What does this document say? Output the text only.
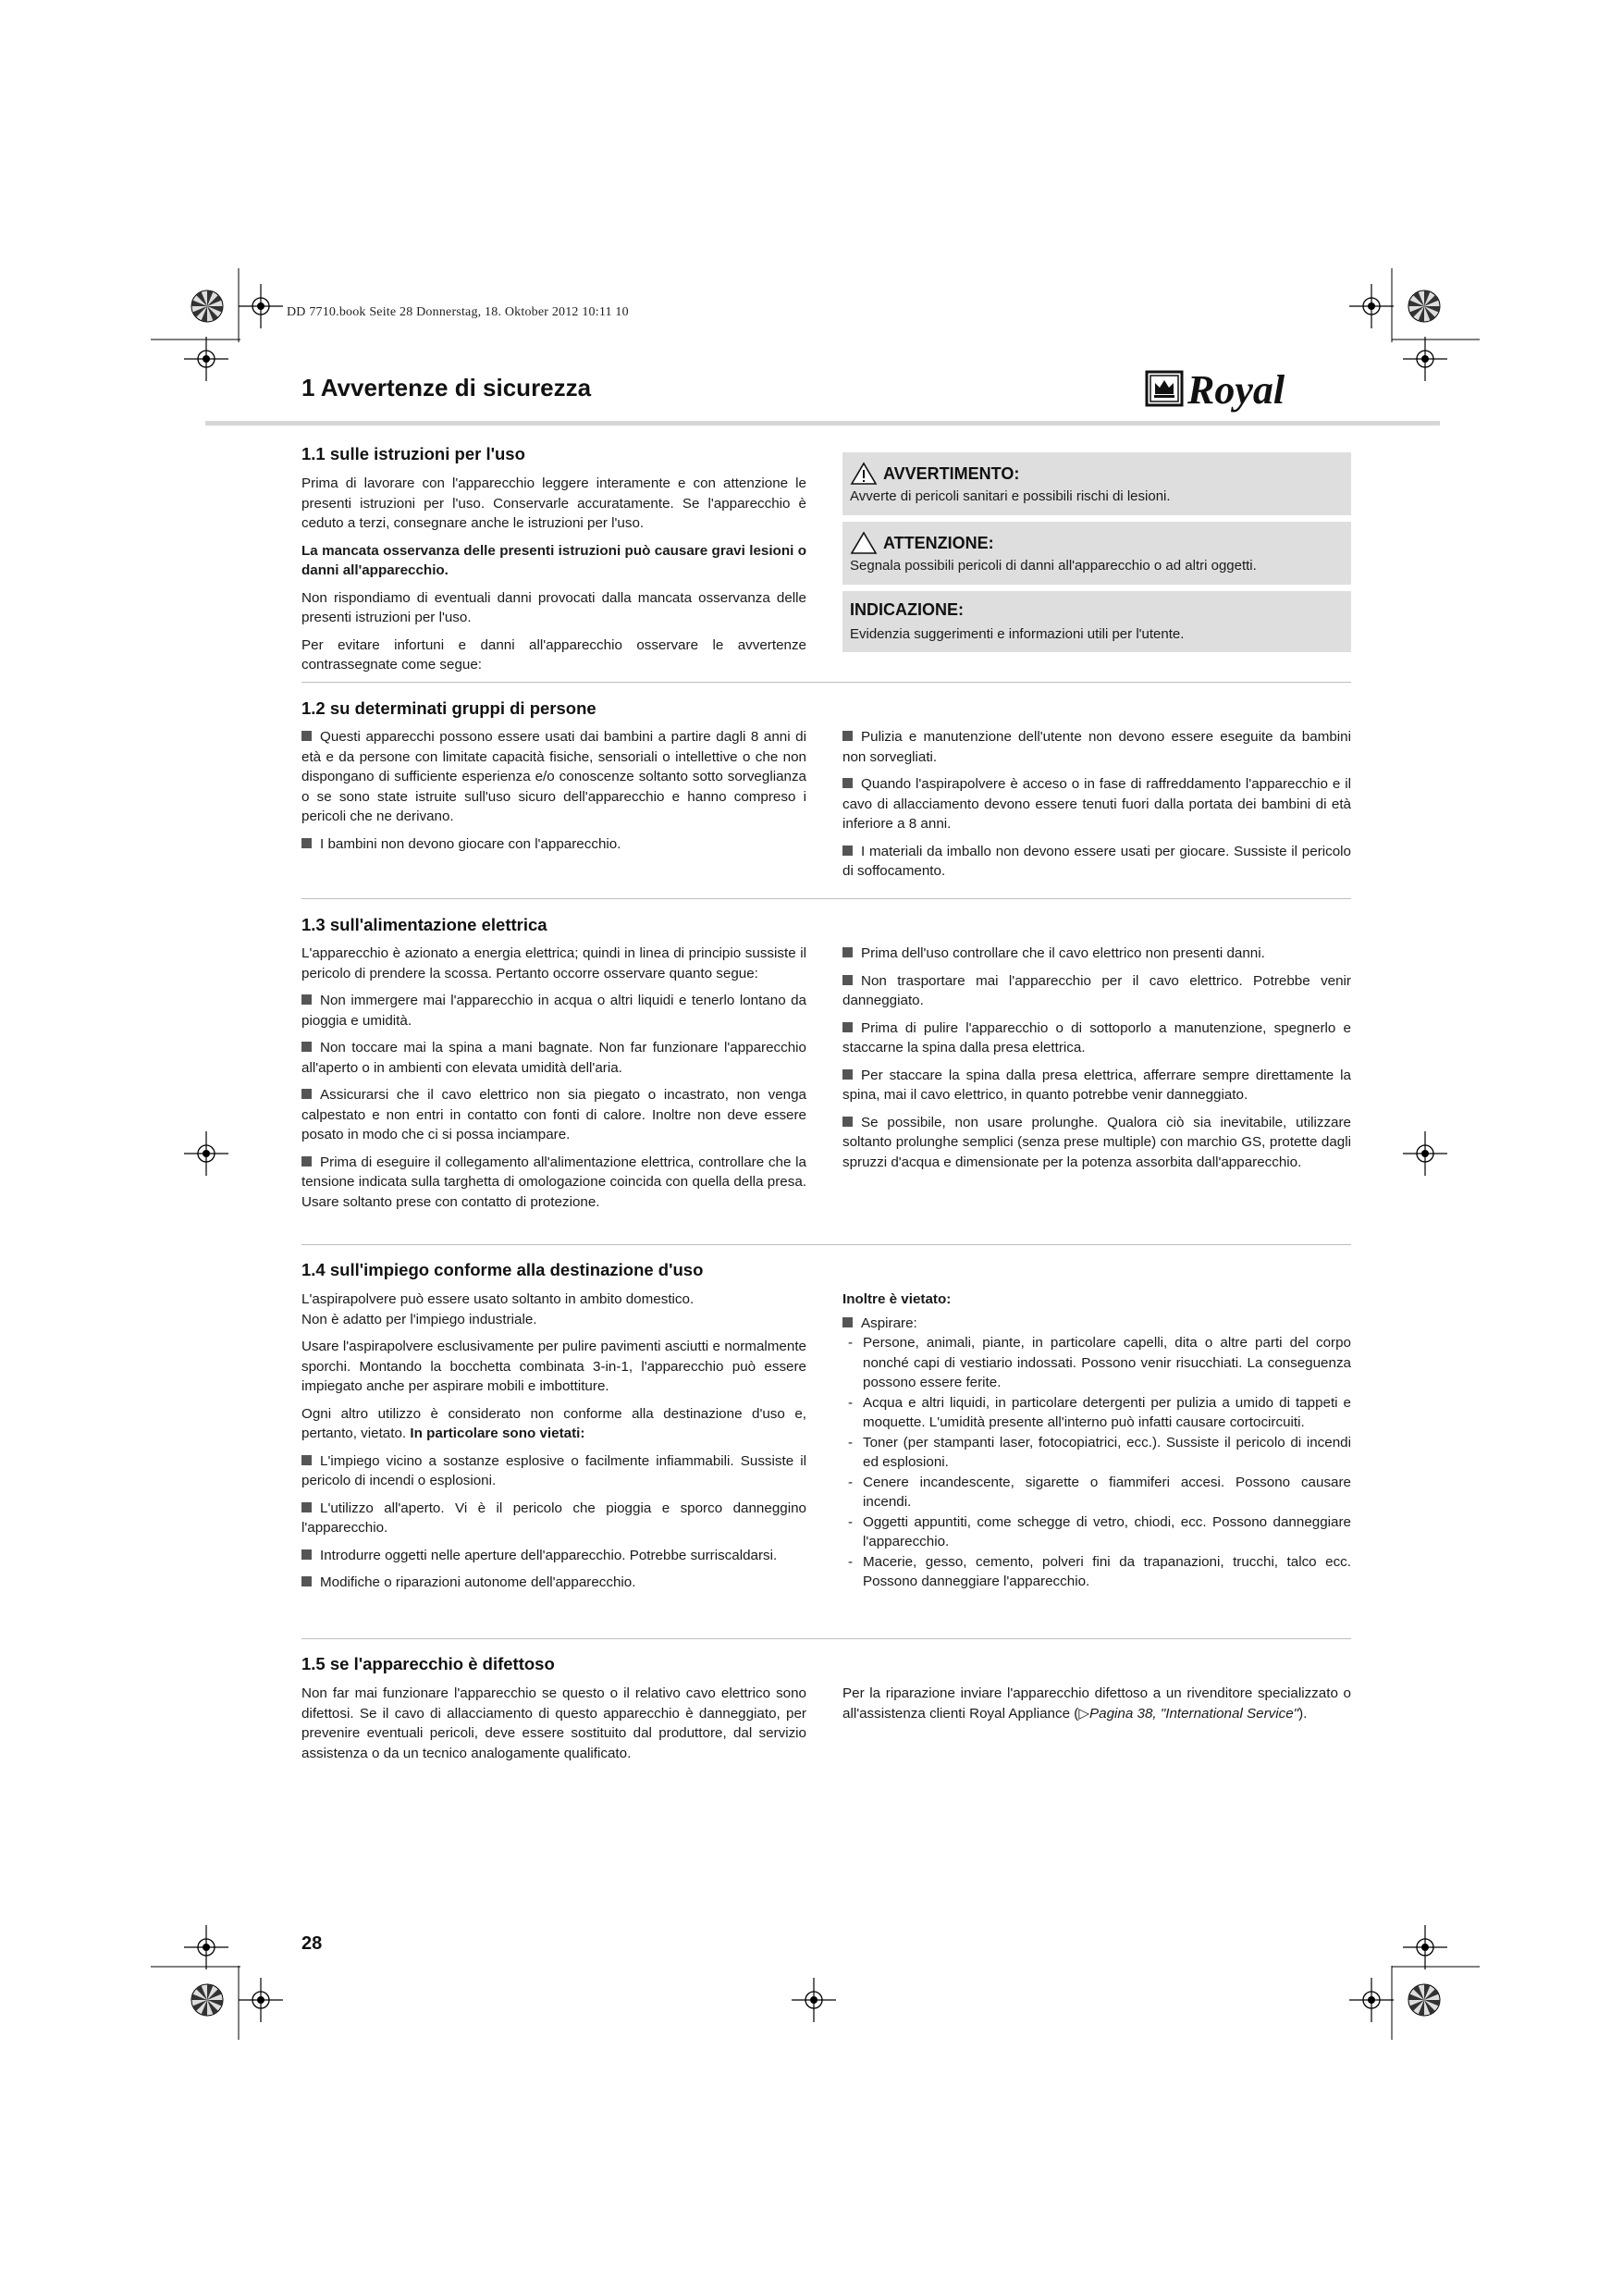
DD 7710.book Seite 28 Donnerstag, 18. Oktober 2012 10:11 10
1 Avvertenze di sicurezza	Royal
1.1 sulle istruzioni per l'uso

Prima di lavorare con l'apparecchio leggere interamente e con attenzione le presenti istruzioni per l'uso. Conservarle accuratamente. Se l'apparecchio è ceduto a terzi, consegnare anche le istruzioni per l'uso.

La mancata osservanza delle presenti istruzioni può causare gravi lesioni o danni all'apparecchio.

Non rispondiamo di eventuali danni provocati dalla mancata osservanza delle presenti istruzioni per l'uso.

Per evitare infortuni e danni all'apparecchio osservare le avvertenze contrassegnate come segue:

AVVERTIMENTO:
Avverte di pericoli sanitari e possibili rischi di lesioni.
ATTENZIONE:
Segnala possibili pericoli di danni all'apparecchio o ad altri oggetti.
INDICAZIONE:
Evidenzia suggerimenti e informazioni utili per l'utente.
1.2 su determinati gruppi di persone

Questi apparecchi possono essere usati dai bambini a partire dagli 8 anni di età e da persone con limitate capacità fisiche, sensoriali o intellettive o che non dispongano di sufficiente esperienza e/o conoscenze soltanto sotto sorveglianza o se sono state istruite sull'uso sicuro dell'apparecchio e hanno compreso i pericoli che ne derivano.

I bambini non devono giocare con l'apparecchio.

Pulizia e manutenzione dell'utente non devono essere eseguite da bambini non sorvegliati.

Quando l'aspirapolvere è acceso o in fase di raffreddamento l'apparecchio e il cavo di allacciamento devono essere tenuti fuori dalla portata dei bambini di età inferiore a 8 anni.

I materiali da imballo non devono essere usati per giocare. Sussiste il pericolo di soffocamento.

1.3 sull'alimentazione elettrica

L'apparecchio è azionato a energia elettrica; quindi in linea di principio sussiste il pericolo di prendere la scossa. Pertanto occorre osservare quanto segue:

Non immergere mai l'apparecchio in acqua o altri liquidi e tenerlo lontano da pioggia e umidità.

Non toccare mai la spina a mani bagnate. Non far funzionare l'apparecchio all'aperto o in ambienti con elevata umidità dell'aria.

Assicurarsi che il cavo elettrico non sia piegato o incastrato, non venga calpestato e non entri in contatto con fonti di calore. Inoltre non deve essere posato in modo che ci si possa inciampare.

Prima di eseguire il collegamento all'alimentazione elettrica, controllare che la tensione indicata sulla targhetta di omologazione coincida con quella della presa. Usare soltanto prese con contatto di protezione.

Prima dell'uso controllare che il cavo elettrico non presenti danni.

Non trasportare mai l'apparecchio per il cavo elettrico. Potrebbe venir danneggiato.

Prima di pulire l'apparecchio o di sottoporlo a manutenzione, spegnerlo e staccarne la spina dalla presa elettrica.

Per staccare la spina dalla presa elettrica, afferrare sempre direttamente la spina, mai il cavo elettrico, in quanto potrebbe venir danneggiato.

Se possibile, non usare prolunghe. Qualora ciò sia inevitabile, utilizzare soltanto prolunghe semplici (senza prese multiple) con marchio GS, protette dagli spruzzi d'acqua e dimensionate per la potenza assorbita dall'apparecchio.

1.4 sull'impiego conforme alla destinazione d'uso

L'aspirapolvere può essere usato soltanto in ambito domestico.

Non è adatto per l'impiego industriale.

Usare l'aspirapolvere esclusivamente per pulire pavimenti asciutti e normalmente sporchi. Montando la bocchetta combinata 3-in-1, l'apparecchio può essere impiegato anche per aspirare mobili e imbottiture.

Ogni altro utilizzo è considerato non conforme alla destinazione d'uso e, pertanto, vietato. In particolare sono vietati:

L'impiego vicino a sostanze esplosive o facilmente infiammabili. Sussiste il pericolo di incendi o esplosioni.

L'utilizzo all'aperto. Vi è il pericolo che pioggia e sporco danneggino l'apparecchio.

Introdurre oggetti nelle aperture dell'apparecchio. Potrebbe surriscaldarsi.

Modifiche o riparazioni autonome dell'apparecchio.

Inoltre è vietato:

Aspirare:

- Persone, animali, piante, in particolare capelli, dita o altre parti del corpo nonché capi di vestiario indossati. Possono venir risucchiati. La conseguenza possono essere ferite.
- Acqua e altri liquidi, in particolare detergenti per pulizia a umido di tappeti e moquette. L'umidità presente all'interno può infatti causare cortocircuiti.
- Toner (per stampanti laser, fotocopiatrici, ecc.). Sussiste il pericolo di incendi ed esplosioni.
- Cenere incandescente, sigarette o fiammiferi accesi. Possono causare incendi.
- Oggetti appuntiti, come schegge di vetro, chiodi, ecc. Possono danneggiare l'apparecchio.
- Macerie, gesso, cemento, polveri fini da trapanazioni, trucchi, talco ecc. Possono danneggiare l'apparecchio.
1.5 se l'apparecchio è difettoso

Non far mai funzionare l'apparecchio se questo o il relativo cavo elettrico sono difettosi. Se il cavo di allacciamento di questo apparecchio è danneggiato, per prevenire eventuali pericoli, deve essere sostituito dal produttore, dal servizio assistenza o da un tecnico analogamente qualificato.

Per la riparazione inviare l'apparecchio difettoso a un rivenditore specializzato o all'assistenza clienti Royal Appliance (▷Pagina 38, "International Service").

28
